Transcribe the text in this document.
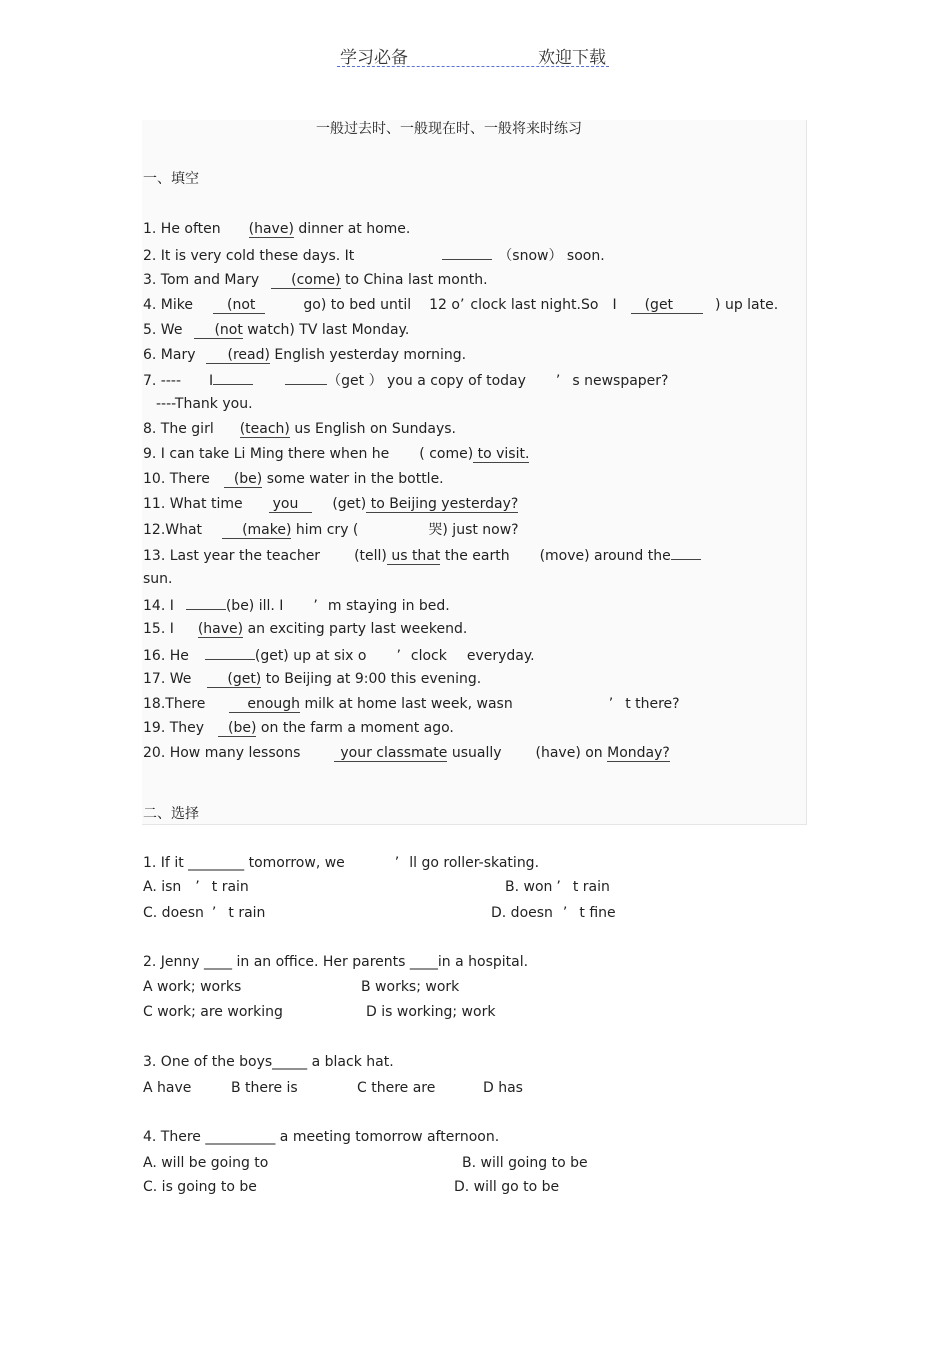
学习必备	欢迎下载
一般过去时、一般现在时、一般将来时练习
一、填空
1. He often (have) dinner at home.
2. It is very cold these days. It	（snow） soon.
3. Tom and Mary (come) to China last month.
4. Mike (not	go) to bed until 12 o’ clock last night.So I (get	) up late.
5. We (not watch) TV last Monday.
6. Mary (read) English yesterday morning.
7. ---- I	（get ） you a copy of today ’ s newspaper?
----Thank you.
8. The girl (teach) us English on Sundays.
9. I can take Li Ming there when he ( come) to visit.
10. There (be) some water in the bottle.
11. What time you (get) to Beijing yesterday?
12.What	(make) him cry (	哭) just now?
13. Last year the teacher (tell) us that the earth (move) around the
sun.
14. I	(be) ill. I ’ m staying in bed.
15. I (have) an exciting party last weekend.
16. He	(get) up at six o ’ clock everyday.
17. We	(get) to Beijing at 9:00 this evening.
18.There	enough milk at home last week, wasn	’ t there?
19. They (be) on the farm a moment ago.
20. How many lessons	your classmate usually (have) on Monday?
二、选择
1. If it ________ tomorrow, we	’ ll go roller-skating.
A. isn ’ t rain	B. won ’ t rain
C. doesn ’ t rain	D. doesn ’ t fine
2. Jenny ____ in an office. Her parents ____in a hospital.
A work; works	B works; work
C work; are working	D is working; work
3. One of the boys_____ a black hat.
A have	B there is	C there are	D has
4. There __________ a meeting tomorrow afternoon.
A. will be going to	B. will going to be
C. is going to be	D. will go to be
